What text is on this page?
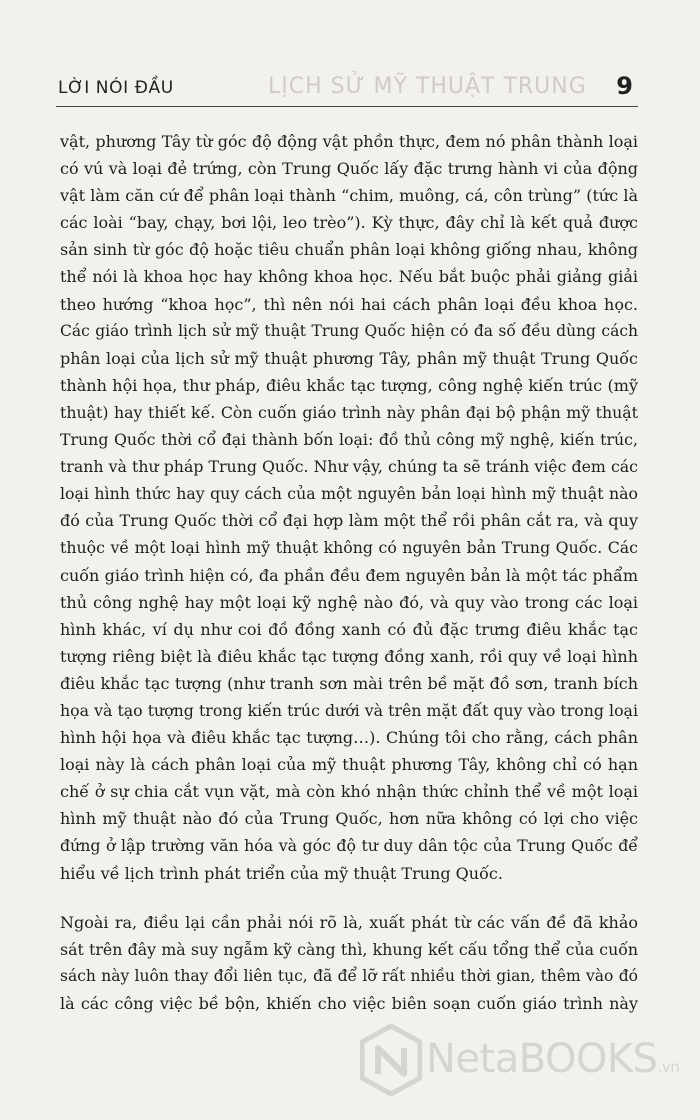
LỊCH SỬ MỸ THUẬT TRUNG
LỜI NÓI ĐẦU	9
vật, phương Tây từ góc độ động vật phồn thực, đem nó phân thành loại
có vú và loại đẻ trứng, còn Trung Quốc lấy đặc trưng hành vi của động
vật làm căn cứ để phân loại thành “chim, muông, cá, côn trùng” (tức là
các loài “bay, chạy, bơi lội, leo trèo”). Kỳ thực, đây chỉ là kết quả được
sản sinh từ góc độ hoặc tiêu chuẩn phân loại không giống nhau, không
thể nói là khoa học hay không khoa học. Nếu bắt buộc phải giảng giải
theo hướng “khoa học”, thì nên nói hai cách phân loại đều khoa học.
Các giáo trình lịch sử mỹ thuật Trung Quốc hiện có đa số đều dùng cách
phân loại của lịch sử mỹ thuật phương Tây, phân mỹ thuật Trung Quốc
thành hội họa, thư pháp, điêu khắc tạc tượng, công nghệ kiến trúc (mỹ
thuật) hay thiết kế. Còn cuốn giáo trình này phân đại bộ phận mỹ thuật
Trung Quốc thời cổ đại thành bốn loại: đồ thủ công mỹ nghệ, kiến trúc,
tranh và thư pháp Trung Quốc. Như vậy, chúng ta sẽ tránh việc đem các
loại hình thức hay quy cách của một nguyên bản loại hình mỹ thuật nào
đó của Trung Quốc thời cổ đại hợp làm một thể rồi phân cắt ra, và quy
thuộc về một loại hình mỹ thuật không có nguyên bản Trung Quốc. Các
cuốn giáo trình hiện có, đa phần đều đem nguyên bản là một tác phẩm
thủ công nghệ hay một loại kỹ nghệ nào đó, và quy vào trong các loại
hình khác, ví dụ như coi đồ đồng xanh có đủ đặc trưng điêu khắc tạc
tượng riêng biệt là điêu khắc tạc tượng đồng xanh, rồi quy về loại hình
điêu khắc tạc tượng (như tranh sơn mài trên bề mặt đồ sơn, tranh bích
họa và tạo tượng trong kiến trúc dưới và trên mặt đất quy vào trong loại
hình hội họa và điêu khắc tạc tượng…). Chúng tôi cho rằng, cách phân
loại này là cách phân loại của mỹ thuật phương Tây, không chỉ có hạn
chế ở sự chia cắt vụn vặt, mà còn khó nhận thức chỉnh thể về một loại
hình mỹ thuật nào đó của Trung Quốc, hơn nữa không có lợi cho việc
đứng ở lập trường văn hóa và góc độ tư duy dân tộc của Trung Quốc để
hiểu về lịch trình phát triển của mỹ thuật Trung Quốc.
Ngoài ra, điều lại cần phải nói rõ là, xuất phát từ các vấn đề đã khảo
sát trên đây mà suy ngẫm kỹ càng thì, khung kết cấu tổng thể của cuốn
sách này luôn thay đổi liên tục, đã để lỡ rất nhiều thời gian, thêm vào đó
là các công việc bề bộn, khiến cho việc biên soạn cuốn giáo trình này
NetaBOOKS.vn
